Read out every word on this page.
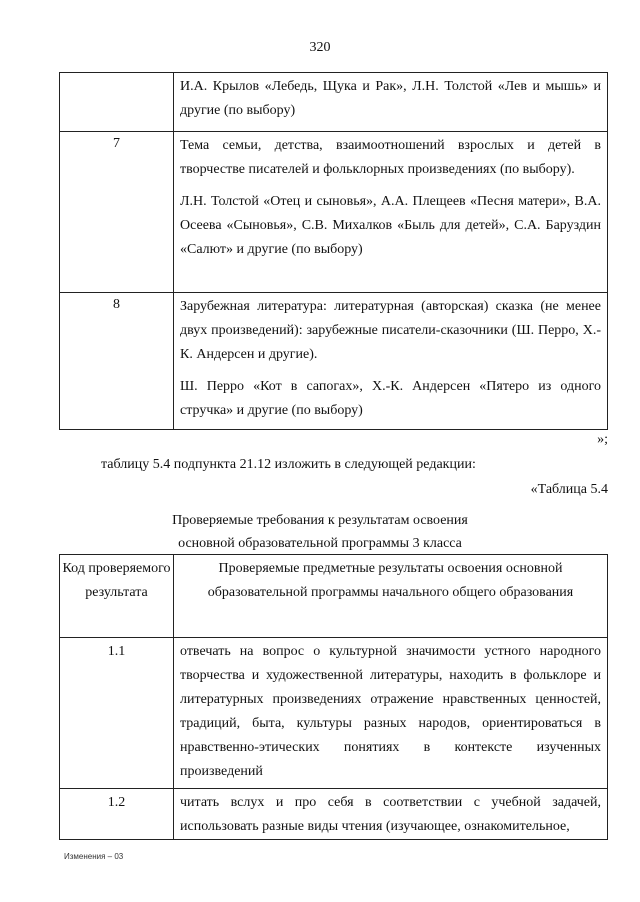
320

	И.А. Крылов «Лебедь, Щука и Рак», Л.Н. Толстой «Лев и мышь» и другие (по выбору)

7	Тема семьи, детства, взаимоотношений взрослых и детей в творчестве писателей и фольклорных произведениях (по выбору).
Л.Н. Толстой «Отец и сыновья», А.А. Плещеев «Песня матери», В.А. Осеева «Сыновья», С.В. Михалков «Быль для детей», С.А. Баруздин «Салют» и другие (по выбору)

8	Зарубежная литература: литературная (авторская) сказка (не менее двух произведений): зарубежные писатели-сказочники (Ш. Перро, Х.-К. Андерсен и другие).
Ш. Перро «Кот в сапогах», Х.-К. Андерсен «Пятеро из одного стручка» и другие (по выбору)
»;
таблицу 5.4 подпункта 21.12 изложить в следующей редакции:
«Таблица 5.4
Проверяемые требования к результатам освоения
основной образовательной программы 3 класса
Код проверяемого результата	Проверяемые предметные результаты освоения основной образовательной программы начального общего образования
1.1	отвечать на вопрос о культурной значимости устного народного творчества и художественной литературы, находить в фольклоре и литературных произведениях отражение нравственных ценностей, традиций, быта, культуры разных народов, ориентироваться в нравственно-этических понятиях в контексте изученных произведений
1.2	читать вслух и про себя в соответствии с учебной задачей, использовать разные виды чтения (изучающее, ознакомительное,
Изменения – 03
